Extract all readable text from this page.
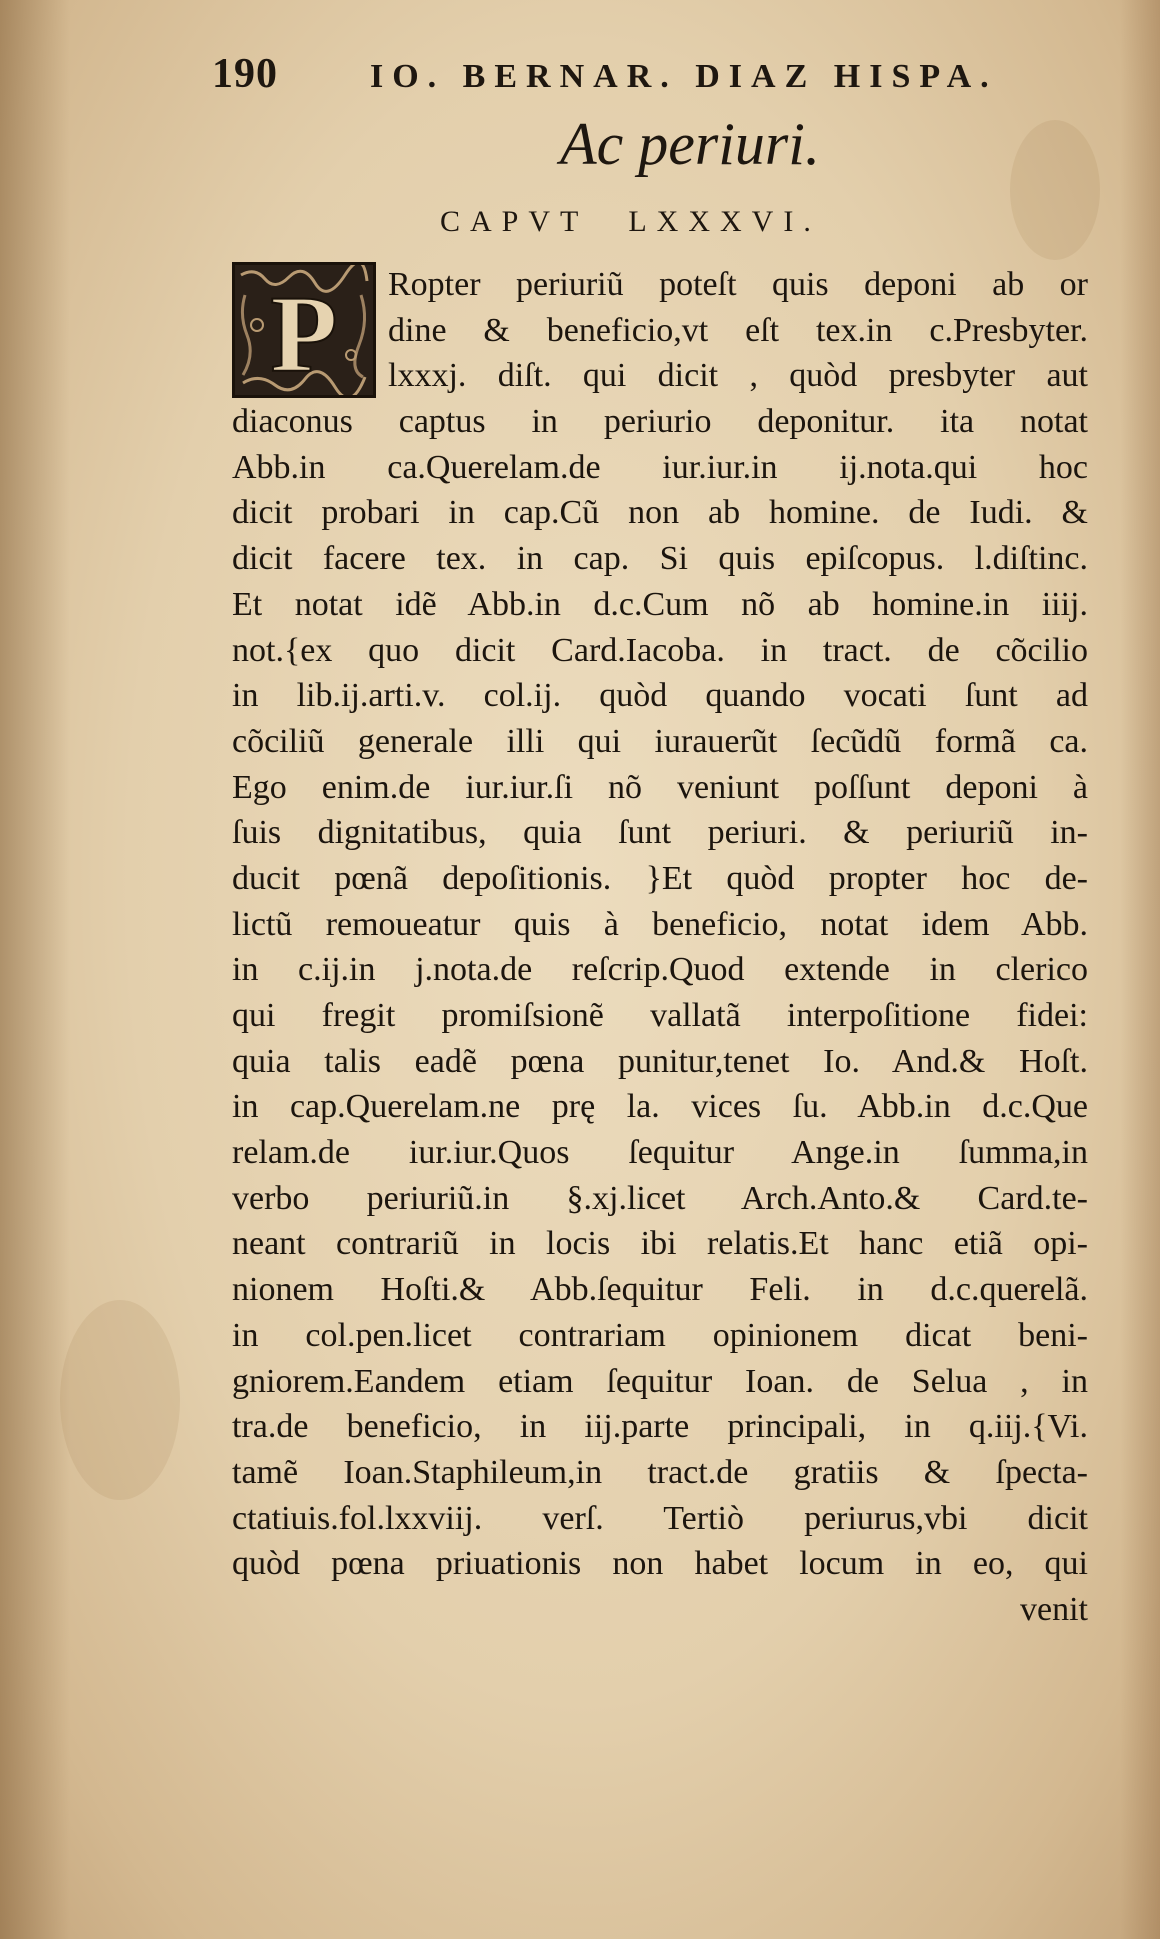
190	IO. BERNAR. DIAZ HISPA.
Ac periuri.
CAPVT LXXXVI.
Ropter periuriũ poteſt quis deponi ab or
dine & beneficio,vt eſt tex.in c.Presbyter.
lxxxj. diſt. qui dicit , quòd presbyter aut
diaconus captus in periurio deponitur. ita notat
Abb.in ca.Querelam.de iur.iur.in ij.nota.qui hoc
dicit probari in cap.Cũ non ab homine. de Iudi. &
dicit facere tex. in cap. Si quis epiſcopus. l.diſtinc.
Et notat idẽ Abb.in d.c.Cum nõ ab homine.in iiij.
not.{ex quo dicit Card.Iacoba. in tract. de cõcilio
in lib.ij.arti.v. col.ij. quòd quando vocati ſunt ad
cõciliũ generale illi qui iurauerũt ſecũdũ formã ca.
Ego enim.de iur.iur.ſi nõ veniunt poſſunt deponi à
ſuis dignitatibus, quia ſunt periuri. & periuriũ in-
ducit pœnã depoſitionis. }Et quòd propter hoc de-
lictũ remoueatur quis à beneficio, notat idem Abb.
in c.ij.in j.nota.de reſcrip.Quod extende in clerico
qui fregit promiſsionẽ vallatã interpoſitione fidei:
quia talis eadẽ pœna punitur,tenet Io. And.& Hoſt.
in cap.Querelam.ne prę la. vices ſu. Abb.in d.c.Que
relam.de iur.iur.Quos ſequitur Ange.in ſumma,in
verbo periuriũ.in §.xj.licet Arch.Anto.& Card.te-
neant contrariũ in locis ibi relatis.Et hanc etiã opi-
nionem Hoſti.& Abb.ſequitur Feli. in d.c.querelã.
in col.pen.licet contrariam opinionem dicat beni-
gniorem.Eandem etiam ſequitur Ioan. de Selua , in
tra.de beneficio, in iij.parte principali, in q.iij.{Vi.
tamẽ Ioan.Staphileum,in tract.de gratiis & ſpecta-
ctatiuis.fol.lxxviij. verſ. Tertiò periurus,vbi dicit
quòd pœna priuationis non habet locum in eo, qui
venit
P
